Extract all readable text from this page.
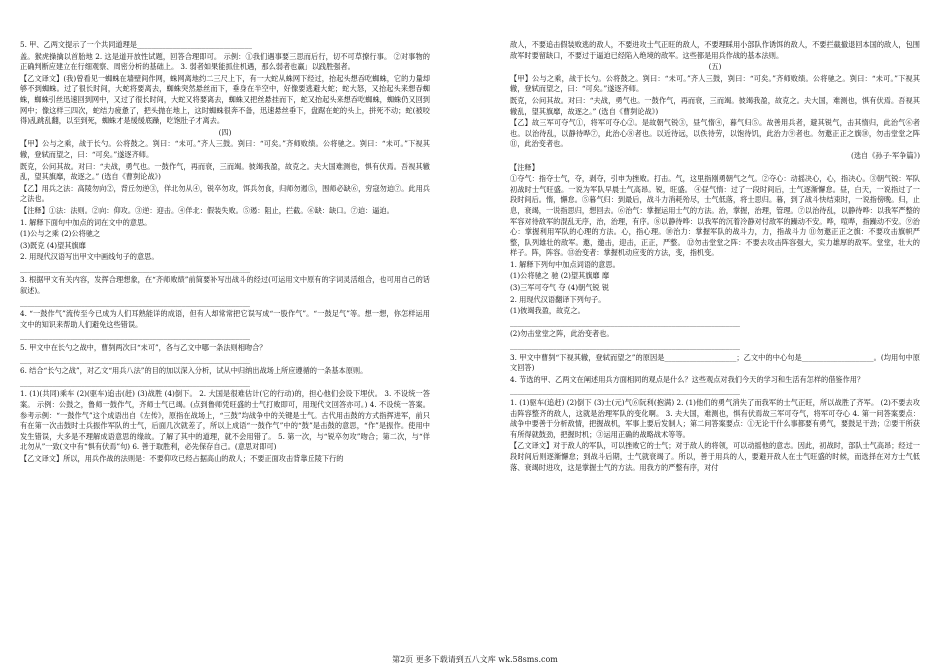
5. 甲、乙两文提示了一个共同道理是________________________________

盖。猴虎操擒以首胎地 2. 这是道开放性试题，回答合理即可。 示例：①我们遇事要三思而后行，切不可草撩行事。 ②对事物的正确判断应建立在行细观察、周密分析的基础上。 3. 弱者如果能抓住机遇，那么弱者也赢」以践胜强者。

【乙文译文】(我)曾看见一蜘蛛在墙壁间作网，蛛网离地约二三尺上下，有一大蛇从蛛网下经过，抬起头想吞吃蜘蛛，它的力量却够不到蜘蛛。过了很长时间，大蛇将要离去，蜘蛛突然悬丝而下，垂身在半空中，好像要逃避大蛇；蛇大怒，又抬起头来想吞蜘蛛，蜘蛛引丝迅速回到网中，又过了很长时间，大蛇又将要离去，蜘蛛又把丝悬挂而下，蛇又抬起头来想吞吃蜘蛛，蜘蛛仍又回到网中；像这样三四次，蛇结力疲惫了，把头抛在地上，这时蜘蛛很奔不备，迅速悬丝垂下，盘踞在蛇的头上，拼死不动；蛇(被咬得)乱跳乱翻，以至到死，蜘蛛才是缓缓底躁，吃饱肚子才离去。

(四)

【甲】公与之乘，战于长勺。公将鼓之。刿曰：“未可。”齐人三鼓。刿曰：“可矣。”齐师败绩。公将驰之。刿曰：“未可。”下视其辙，登轼而望之，曰：“可矣。”遂逐齐师。

既克，公问其故。对曰：“夫战，勇气也。一鼓作气，再而衰，三而竭。彼竭我盈，故克之。夫大国难测也，惧有伏焉。吾视其辙乱，望其旗靡，故逐之。” (选自《曹刿论战》)

【乙】用兵之法：高陵勿向②，背丘勿逆③，佯北勿从④，锐卒勿攻，饵兵勿食，归师勿遏⑤，围师必缺⑥，穷寇勿迫⑦。此用兵之法也。

【注释】①法：法则。②向：仰攻。③逆：迎击。④佯北：假装失败。⑤遏：阻止，拦截。⑥缺：缺口。⑦迫：逼迫。

1. 解释下面句中加点的词在文中的意思。

(1)公与之乘 (2)公将驰之

(3)既克 (4)望其旗靡

2. 用现代汉语写出甲文中画线句子的意思。

________________________________________________________________

3. 根据甲文有关内容，发挥合理想象，在“齐师败绩”前简要补写出战斗的经过(可运用文中原有的字词灵活组合，也可用自己的话叙述)。

________________________________________________________________

4. “一鼓作气”流传至今已成为人们耳熟能详的成语，但有人却常常把它误写成“一股作气”。“一鼓足气”等。想一想，你怎样运用文中的知识来帮助人们避免这些错误。

________________________________________________________________

5. 甲文中在长勺之战中，曹刿两次曰“未可”，各与乙文中哪一条法则相吻合？

________________________________________________________________

6. 结合“长勺之战”，对乙文“用兵八法”的目的加以深入分析，试从中归纳出战场上所应遵循的一条基本原则。

________________________________________________________________

1. (1)(共同)乘车 (2)(驱车)追击(赶) (3)战胜 (4)倒下。 2. 大国是很难估计(它的行动)的，担心他们会设下埋伏。 3. 不设统一答案。 示例：公鼓之，鲁师一鼓作气，齐师士气已竭。(点到鲁师凭旺盛的士气打败即可，用现代文回答亦可。) 4. 不设统一答案。 参考示例：“一鼓作气”这个成语出自《左传》，原指在战场上，“三鼓”均战争中的关键是士气。古代用击鼓的方式指挥进军，前只有在第一次击鼓时士兵振作军队的士气，后面几次就差了，所以上成语“一鼓作气”中的“鼓”是击鼓的意思，“作”是振作。使用中发生错误，大多是不理解成语意思的缘故。了解了其中的道理，就不会用错了。 5. 第一次，与“锐卒勿攻”吻合；第二次，与“佯北勿从”一致(文中有“惧有伏焉”句) 6. 善于取胜利，必先保存自己。(意思对即可)

【乙文译文】所以，用兵作战的法则是：不要仰攻已经占据高山的敌人；不要正面攻击背靠丘陵下行的

敌人，不要追击假装败逃的敌人，不要进攻士气正旺的敌人，不要理睬用小部队作诱饵的敌人，不要拦截撤退回本国的敌人，包围敌军时要留缺口，不要过于逼迫已经陷入绝境的敌军。这些都是用兵作战的基本法则。

(五)

【甲】公与之乘，战于长勺。公将鼓之。刿曰：“未可。”齐人三鼓，刿曰：“可矣。”齐师败绩。公将驰之。刿曰：“未可。”下视其辙，登轼而望之，曰：“可矣。”遂逐齐师。

既克，公问其故。对曰：“夫战，勇气也。一鼓作气，再而衰，三而竭。彼竭我盈，故克之。夫大国，难测也，惧有伏焉。吾视其辙乱，望其旗靡，故逐之。” (选自《曹刿论战》)

【乙】故三军可夺气①，将军可夺心②。是故朝气锐③，昼气惰④，暮气归⑤。故善用兵者，避其锐气，击其惰归，此治气⑥者也。以治待乱，以静待哗⑦，此治心⑧者也。以近待远，以佚待劳，以饱待饥，此治力⑨者也。勿邀正正之旗⑩，勿击堂堂之阵⑪，此治变者也。

(选自《孙子·军争篇》)

【注释】

①夺气：指夺士气，夺，剥夺，引申为挫败。打击。气，这里指刚勇朝气之气。②夺心：动摇决心，心，指决心。③朝气锐：军队初战时士气旺盛。一说为军队早晨士气高昂。锐，旺盛。 ④昼气惰：过了一段时间后，士气逐渐懈怠。昼，白天，一说指过了一段时间后。惰，懈怠。⑤暮气归：到最后，战斗力消耗殆尽，士气低落，将士思归。暮，到了战斗快结束时，一说指傍晚。归，止息，衰竭，一说指思归，想回去。⑥治气：掌握运用士气的方法。治，掌握，治理，管理。⑦以治待乱，以静待哗：以我军严整的军容对待敌军的混乱无序，治，治理，有序。⑧以静待哗：以我军的沉着冷静对付敌军的躁动不安。哗，喧哗，指躁动不安。⑨治心：掌握利用军队的心理的方法。心，指心理。⑩治力：掌握军队的战斗力，力，指战斗力 ⑪勿邀正正之旗：不要攻击旗帜严整，队列雄壮的敌军。邀，邀击，迎击，正正，严整。 ⑫勿击堂堂之阵：不要去攻击阵容强大，实力雄厚的敌军。堂堂，壮大的样子。阵，阵容。⑬治变者：掌握机动应变的方法，变，指机变。

1. 解释下列句中加点词语的意思。

(1)公将驰之 驰 (2)望其旗靡 靡

(3)三军可夺气 夺 (4)朝气锐 锐

2. 用现代汉语翻译下列句子。

(1)彼竭我盈，故克之。

________________________________________________________________

(2)勿击堂堂之阵，此治变者也。

________________________________________________________________

3. 甲文中曹刿“下视其辙，登轼而望之”的原因是____________________；乙文中的中心句是____________________。(均用句中原文回答)

4. 节选的甲、乙两文在阐述用兵方面相同的观点是什么？这些观点对我们今天的学习和生活有怎样的借鉴作用？

________________________________________________________________

1. (1)驱车(追赶) (2)倒下 (3)士(元)气⑥阮利(抱满) 2. (1)他们的勇气消失了而我军的士气正旺，所以战胜了齐军。 (2)不要去攻击阵容整齐的敌人，这就是治理军队的变化啊。 3. 夫大国，难测也，惧有伏焉故三军可夺气，将军可夺心 4. 第一问答案要点：战争中要善于分析敌情，把握战机，军事上要后发制人；第二问答案要点：①无论干什么事都要有勇气，要鼓足干劲；②要干所获有所得就鼓劲，把握时机；③运用正确的战略战术等等。

【乙文译文】对于敌人的军队，可以挫败它的士气；对于敌人的将领，可以动摇他的意志。因此，初战时，部队士气高昂；经过一段时间后则逐渐懈怠；到战斗后期，士气就衰竭了。所以，善于用兵的人，要避开敌人在士气旺盛的时候，而选择在对方士气低落、衰竭时进攻，这是掌握士气的方法。用我方的严整有序，对付

第2页 更多下载请到五八文库 wk.58sms.com
